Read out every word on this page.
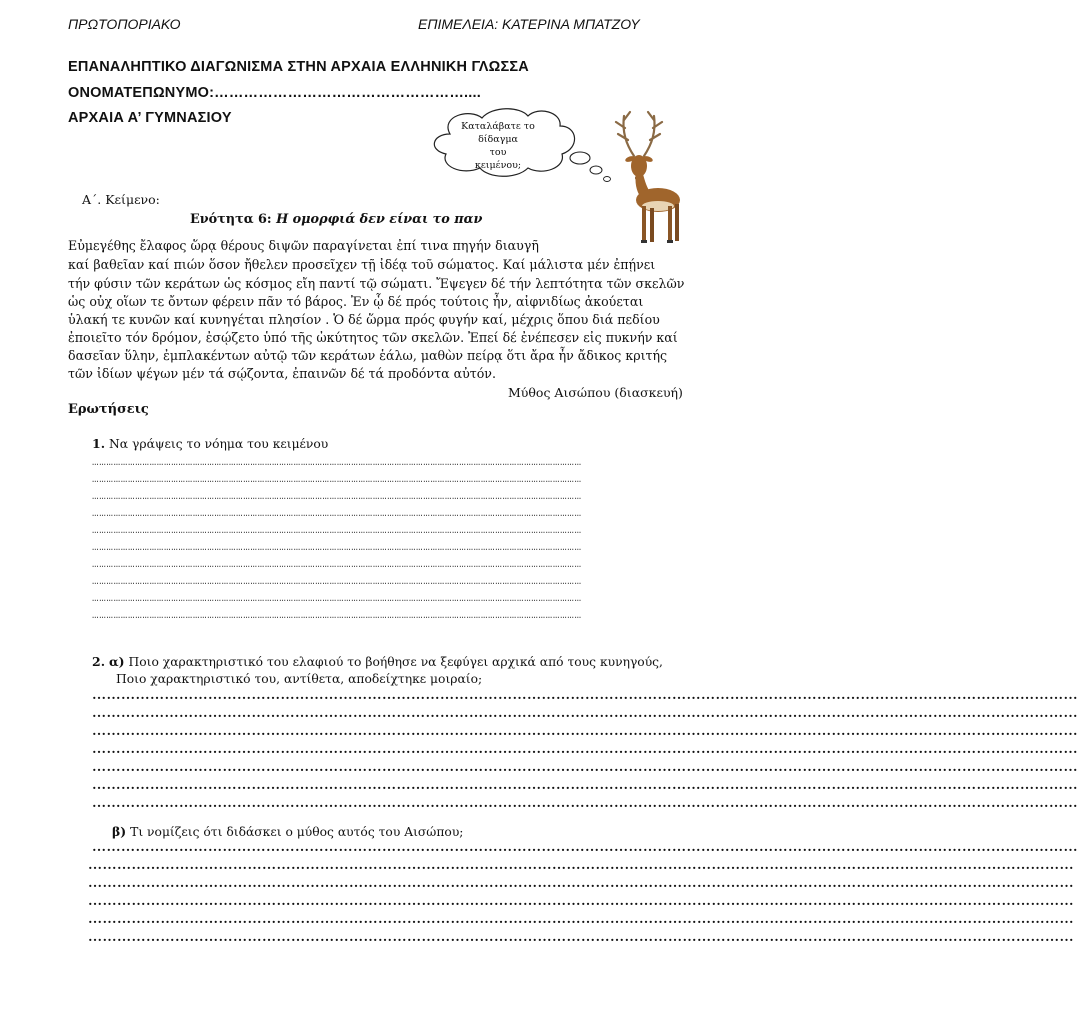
ΠΡΩΤΟΠΟΡΙΑΚΟ	ΕΠΙΜΕΛΕΙΑ: ΚΑΤΕΡΙΝΑ ΜΠΑΤΖΟΥ
ΕΠΑΝΑΛΗΠΤΙΚΟ ΔΙΑΓΩΝΙΣΜΑ ΣΤΗΝ ΑΡΧΑΙΑ ΕΛΛΗΝΙΚΗ ΓΛΩΣΣΑ
ΟΝΟΜΑΤΕΠΩΝΥΜΟ:……………………………………………....
ΑΡΧΑΙΑ Α’ ΓΥΜΝΑΣΙΟΥ
Καταλάβατε το
δίδαγμα
του
κειμένου;
Α΄. Κείμενο:
Ενότητα 6: Η ομορφιά δεν είναι το παν
Εὐμεγέθης ἔλαφος ὥρᾳ θέρους διψῶν παραγίνεται ἐπί τινα πηγήν διαυγῆ
καί βαθεῖαν καί πιών ὅσον ἤθελεν προσεῖχεν τῇ ἰδέᾳ τοῦ σώματος. Καί μάλιστα μέν ἐπῄνει
τήν φύσιν τῶν κεράτων ὡς κόσμος εἴη παντί τῷ σώματι. Ἔψεγεν δέ τήν λεπτότητα τῶν σκελῶν
ὡς οὐχ οἵων τε ὄντων φέρειν πᾶν τό βάρος. Ἐν ᾧ δέ πρός τούτοις ἦν, αἰφνιδίως ἀκούεται
ὑλακή τε κυνῶν καί κυνηγέται πλησίον . Ὁ δέ ὥρμα πρός φυγήν καί, μέχρις ὅπου διά πεδίου
ἐποιεῖτο τόν δρόμον, ἐσῴζετο ὑπό τῆς ὠκύτητος τῶν σκελῶν. Ἐπεί δέ ἐνέπεσεν εἰς πυκνήν καί
δασεῖαν ὕλην, ἐμπλακέντων αὐτῷ τῶν κεράτων ἑάλω, μαθὼν πείρᾳ ὅτι ἄρα ἦν ἄδικος κριτής
τῶν ἰδίων ψέγων μέν τά σῴζοντα, ἐπαινῶν δέ τά προδόντα αὐτόν.
Μύθος Αισώπου (διασκευή)
Ερωτήσεις
1. Να γράψεις το νόημα του κειμένου
……………………………………………………………………………………………………………………………………………………………………………………
……………………………………………………………………………………………………………………………………………………………………………………
……………………………………………………………………………………………………………………………………………………………………………………
……………………………………………………………………………………………………………………………………………………………………………………
……………………………………………………………………………………………………………………………………………………………………………………
……………………………………………………………………………………………………………………………………………………………………………………
……………………………………………………………………………………………………………………………………………………………………………………
……………………………………………………………………………………………………………………………………………………………………………………
……………………………………………………………………………………………………………………………………………………………………………………
……………………………………………………………………………………………………………………………………………………………………………………
2. α) Ποιο χαρακτηριστικό του ελαφιού το βοήθησε να ξεφύγει αρχικά από τους κυνηγούς,
Ποιο χαρακτηριστικό του, αντίθετα, αποδείχτηκε μοιραίο;
……………………………………………………………………………………………………………………………………………………………………………………
……………………………………………………………………………………………………………………………………………………………………………………
……………………………………………………………………………………………………………………………………………………………………………………
……………………………………………………………………………………………………………………………………………………………………………………
……………………………………………………………………………………………………………………………………………………………………………………
……………………………………………………………………………………………………………………………………………………………………………………
……………………………………………………………………………………………………………………………………………………………………………………
β) Τι νομίζεις ότι διδάσκει ο μύθος αυτός του Αισώπου;
……………………………………………………………………………………………………………………………………………………………………………………
……………………………………………………………………………………………………………………………………………………………………………………
……………………………………………………………………………………………………………………………………………………………………………………
……………………………………………………………………………………………………………………………………………………………………………………
……………………………………………………………………………………………………………………………………………………………………………………
……………………………………………………………………………………………………………………………………………………………………………………
